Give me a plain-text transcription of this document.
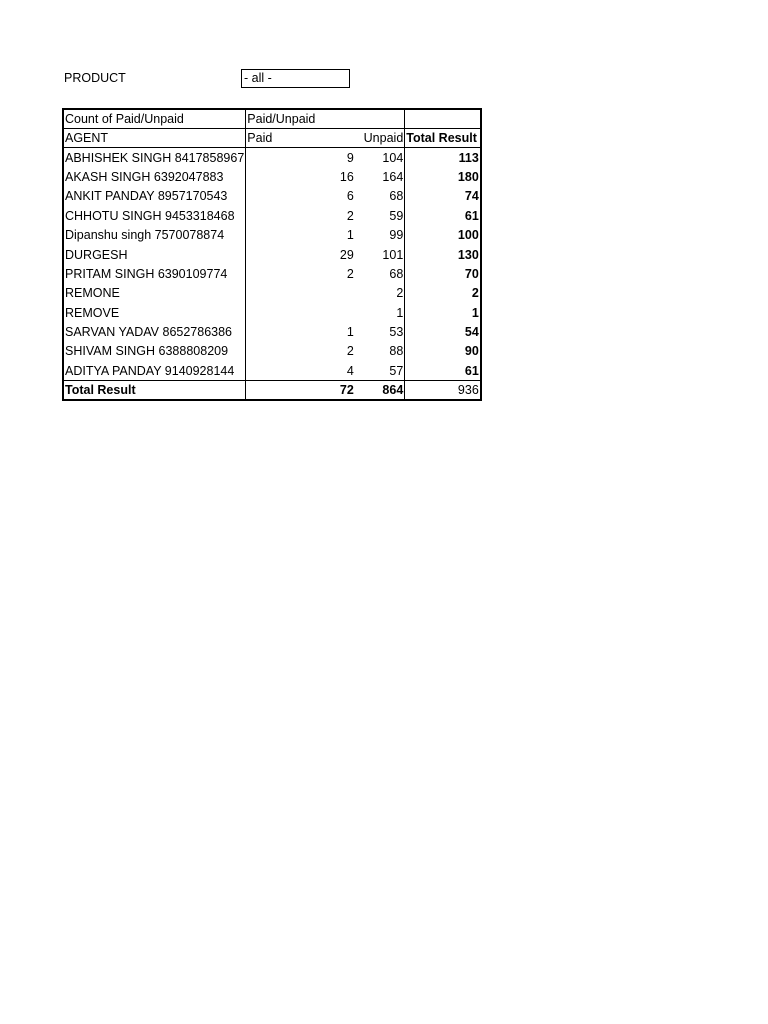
PRODUCT	- all -
Count of Paid/Unpaid	Paid/Unpaid		
AGENT	Paid	Unpaid	Total Result
ABHISHEK SINGH 8417858967	9	104	113
AKASH SINGH 6392047883	16	164	180
ANKIT PANDAY 8957170543	6	68	74
CHHOTU SINGH 9453318468	2	59	61
Dipanshu singh 7570078874	1	99	100
DURGESH	29	101	130
PRITAM SINGH 6390109774	2	68	70
REMONE		2	2
REMOVE		1	1
SARVAN YADAV 8652786386	1	53	54
SHIVAM SINGH 6388808209	2	88	90
ADITYA PANDAY 9140928144	4	57	61
Total Result	72	864	936
